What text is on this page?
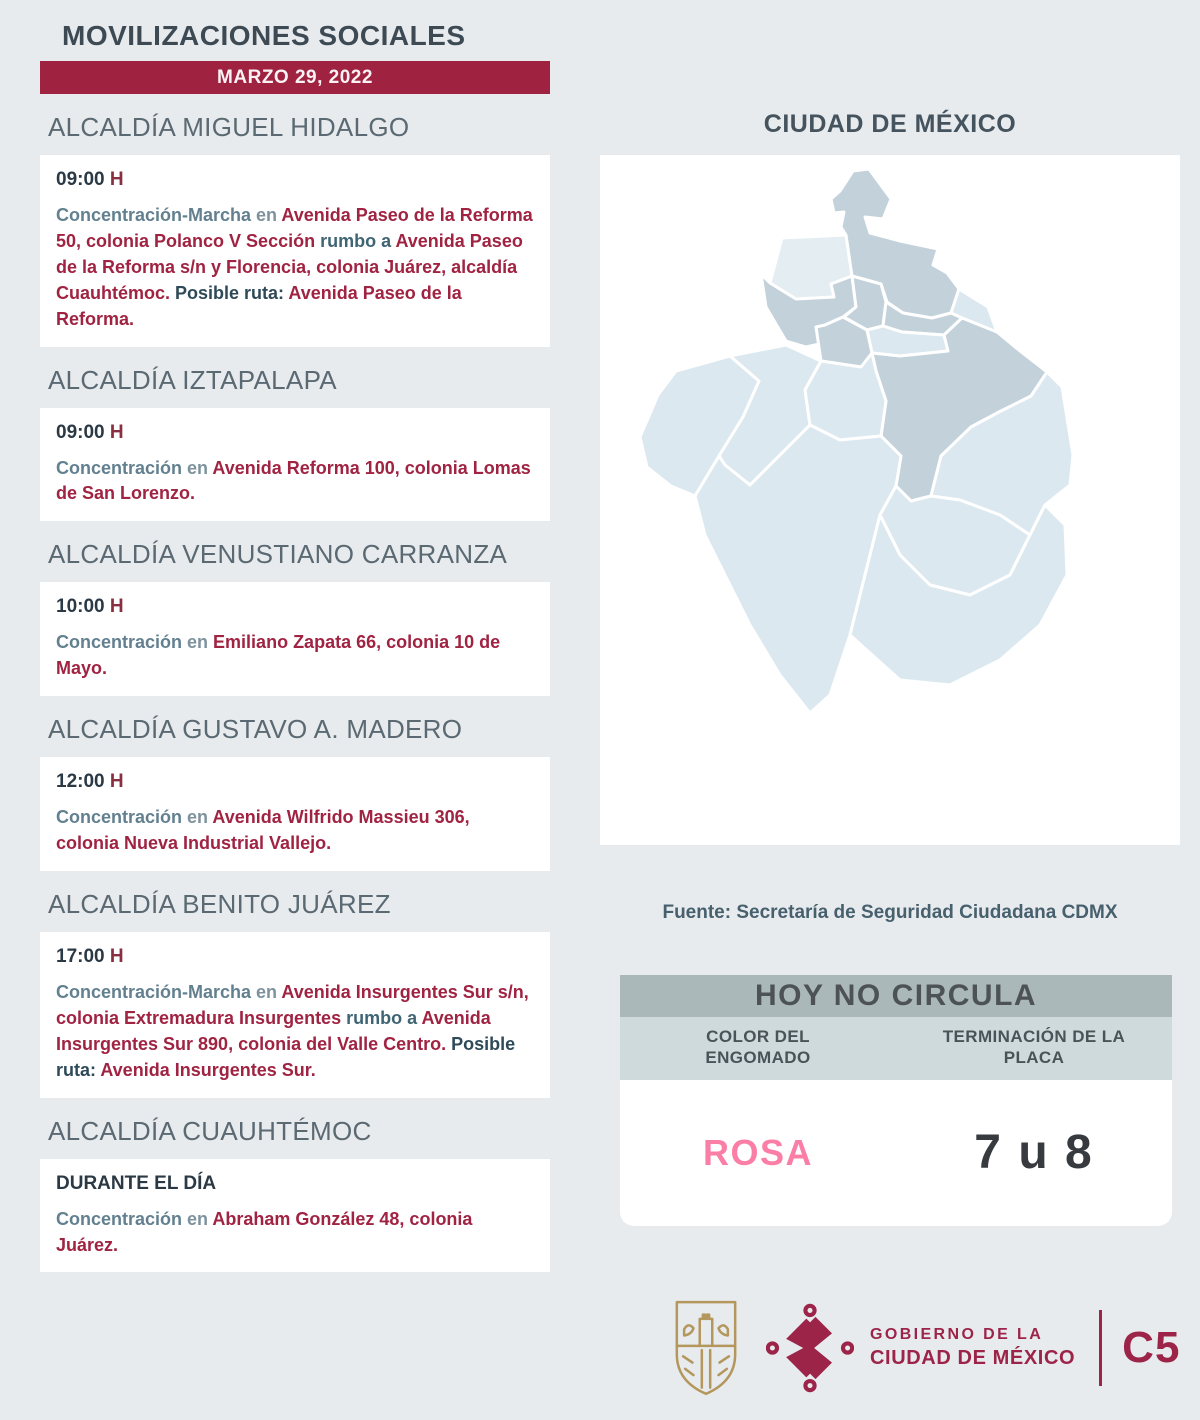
MOVILIZACIONES SOCIALES
MARZO 29, 2022
ALCALDÍA MIGUEL HIDALGO
09:00 H
Concentración-Marcha en Avenida Paseo de la Reforma 50, colonia Polanco V Sección rumbo a Avenida Paseo de la Reforma s/n y Florencia, colonia Juárez, alcaldía Cuauhtémoc. Posible ruta: Avenida Paseo de la Reforma.
ALCALDÍA IZTAPALAPA
09:00 H
Concentración en Avenida Reforma 100, colonia Lomas de San Lorenzo.
ALCALDÍA VENUSTIANO CARRANZA
10:00 H
Concentración en Emiliano Zapata 66, colonia 10 de Mayo.
ALCALDÍA GUSTAVO A. MADERO
12:00 H
Concentración en Avenida Wilfrido Massieu 306, colonia Nueva Industrial Vallejo.
ALCALDÍA BENITO JUÁREZ
17:00 H
Concentración-Marcha en Avenida Insurgentes Sur s/n, colonia Extremadura Insurgentes rumbo a Avenida Insurgentes Sur 890, colonia del Valle Centro. Posible ruta: Avenida Insurgentes Sur.
ALCALDÍA CUAUHTÉMOC
DURANTE EL DÍA
Concentración en Abraham González 48, colonia Juárez.
CIUDAD DE MÉXICO
Fuente: Secretaría de Seguridad Ciudadana CDMX
HOY NO CIRCULA
COLOR DEL ENGOMADO
TERMINACIÓN DE LA PLACA
ROSA	7 u 8
GOBIERNO DE LA
CIUDAD DE MÉXICO C5
